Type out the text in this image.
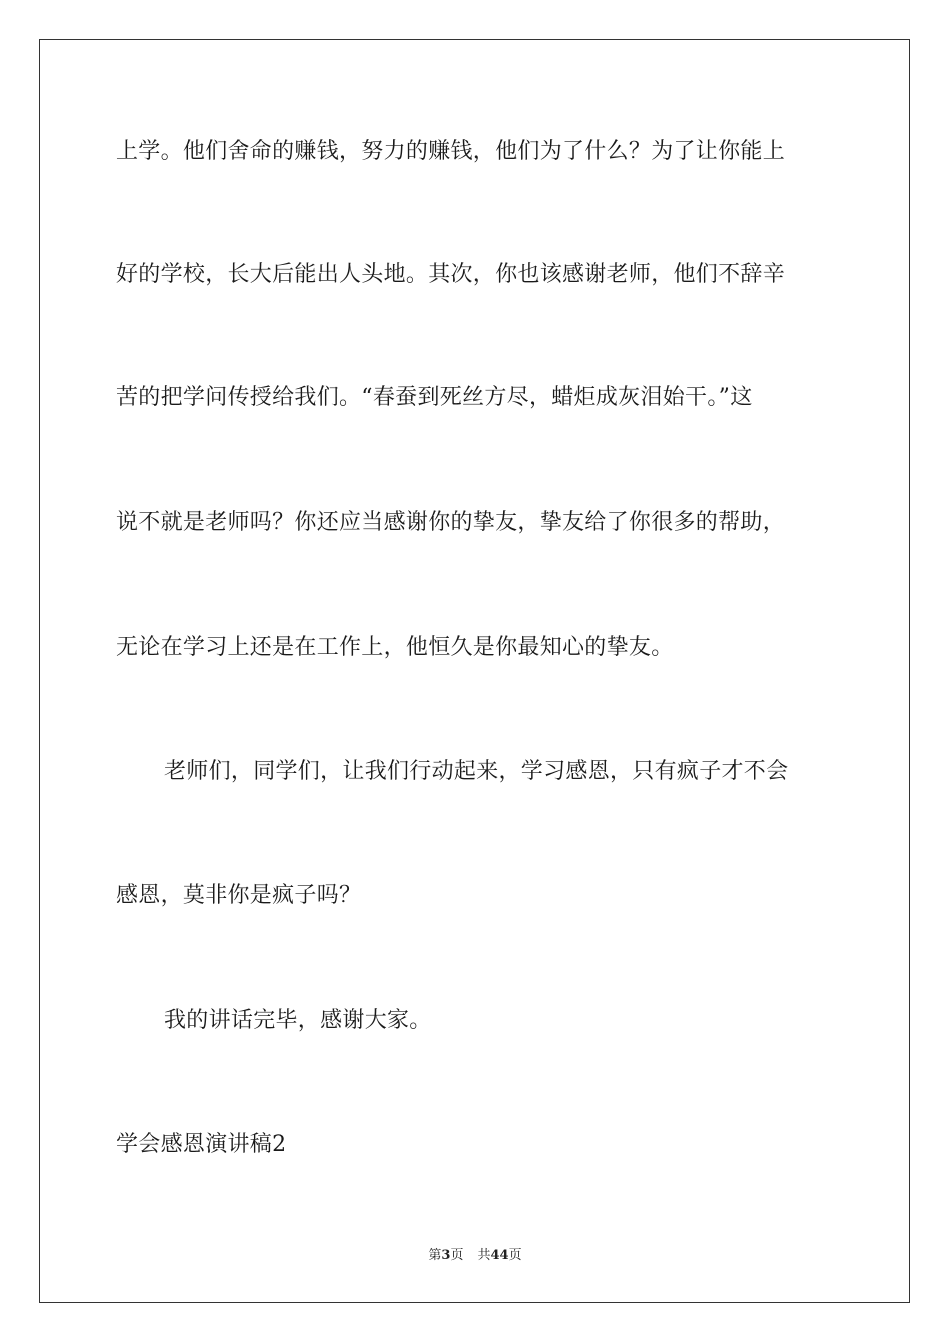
上学。他们舍命的赚钱，努力的赚钱，他们为了什么？为了让你能上
好的学校，长大后能出人头地。其次，你也该感谢老师，他们不辞辛
苦的把学问传授给我们。“春蚕到死丝方尽，蜡炬成灰泪始干。”这
说不就是老师吗？你还应当感谢你的挚友，挚友给了你很多的帮助，
无论在学习上还是在工作上，他恒久是你最知心的挚友。
老师们，同学们，让我们行动起来，学习感恩，只有疯子才不会
感恩，莫非你是疯子吗？
我的讲话完毕，感谢大家。
学会感恩演讲稿2
第3页 共44页
